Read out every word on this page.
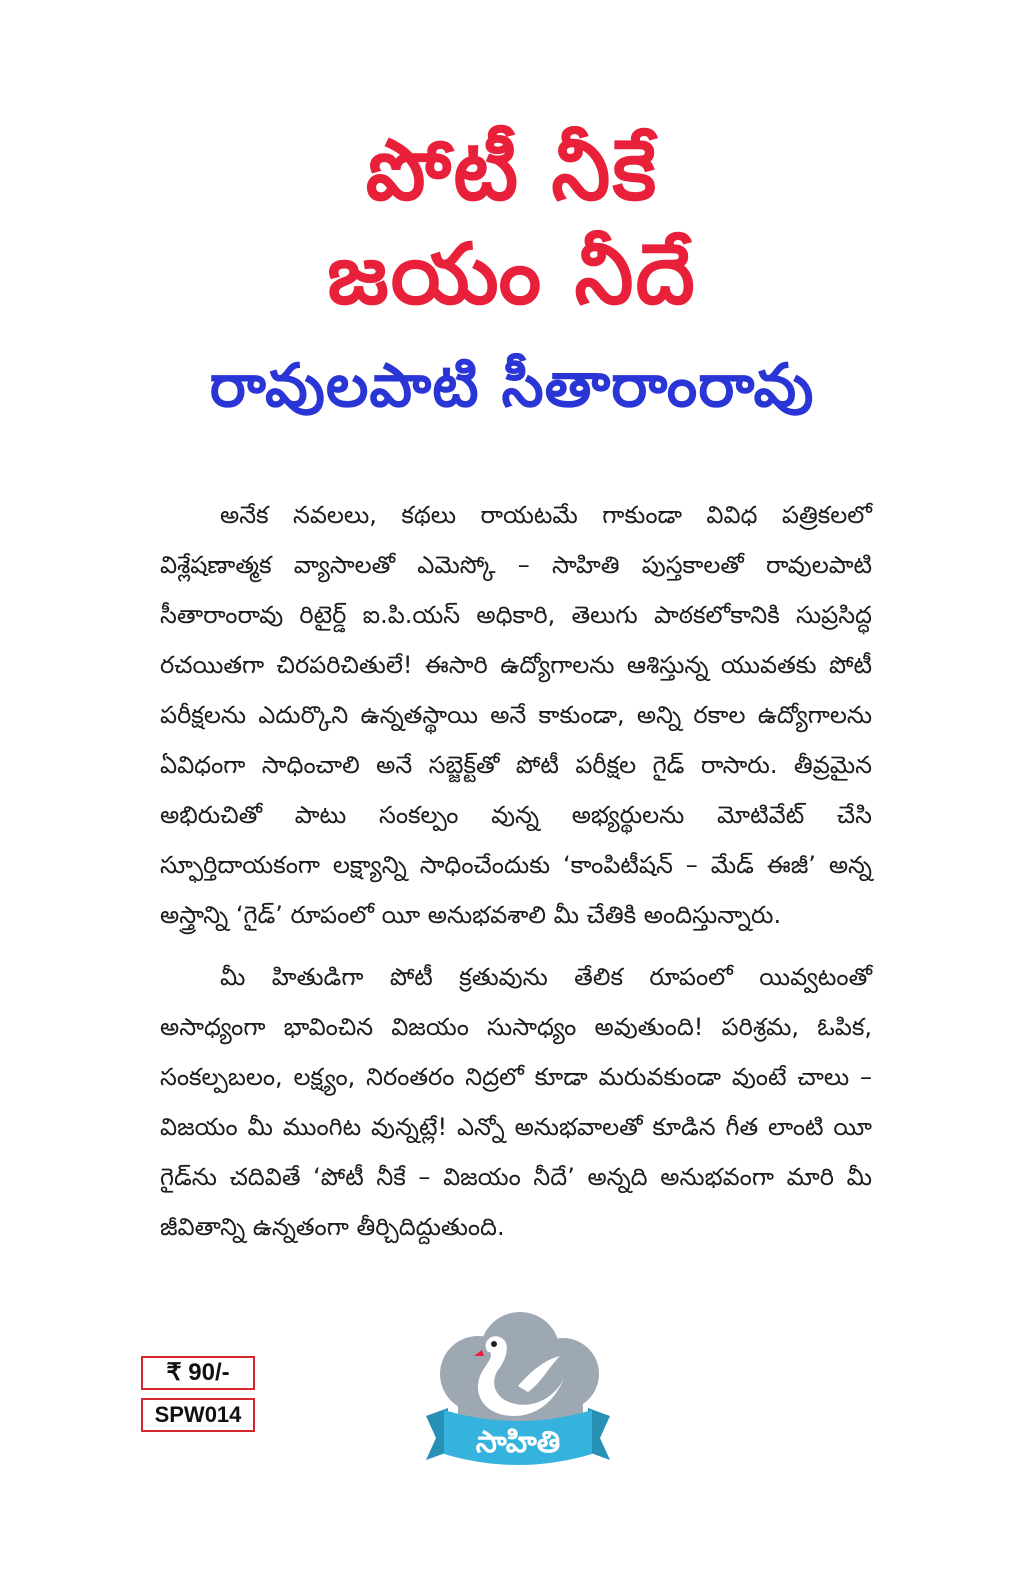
పోటీ నీకే
జయం నీదే
రావులపాటి సీతారాంరావు

అనేక నవలలు, కథలు రాయటమే గాకుండా వివిధ పత్రికలలో విశ్లేషణాత్మక వ్యాసాలతో ఎమెస్కో – సాహితి పుస్తకాలతో రావులపాటి సీతారాంరావు రిటైర్డ్ ఐ.పి.యస్ అధికారి, తెలుగు పాఠకలోకానికి సుప్రసిద్ధ రచయితగా చిరపరిచితులే! ఈసారి ఉద్యోగాలను ఆశిస్తున్న యువతకు పోటీ పరీక్షలను ఎదుర్కొని ఉన్నతస్థాయి అనే కాకుండా, అన్ని రకాల ఉద్యోగాలను ఏవిధంగా సాధించాలి అనే సబ్జెక్ట్‌తో పోటీ పరీక్షల గైడ్ రాసారు. తీవ్రమైన అభిరుచితో పాటు సంకల్పం వున్న అభ్యర్థులను మోటివేట్ చేసి స్ఫూర్తిదాయకంగా లక్ష్యాన్ని సాధించేందుకు ‘కాంపిటీషన్ – మేడ్ ఈజీ’ అన్న అస్త్రాన్ని ‘గైడ్’ రూపంలో యీ అనుభవశాలి మీ చేతికి అందిస్తున్నారు.

మీ హితుడిగా పోటీ క్రతువును తేలిక రూపంలో యివ్వటంతో అసాధ్యంగా భావించిన విజయం సుసాధ్యం అవుతుంది! పరిశ్రమ, ఓపిక, సంకల్పబలం, లక్ష్యం, నిరంతరం నిద్రలో కూడా మరువకుండా వుంటే చాలు – విజయం మీ ముంగిట వున్నట్లే! ఎన్నో అనుభవాలతో కూడిన గీత లాంటి యీ గైడ్‌ను చదివితే ‘పోటీ నీకే – విజయం నీదే’ అన్నది అనుభవంగా మారి మీ జీవితాన్ని ఉన్నతంగా తీర్చిదిద్దుతుంది.

₹ 90/-
SPW014
సాహితి
